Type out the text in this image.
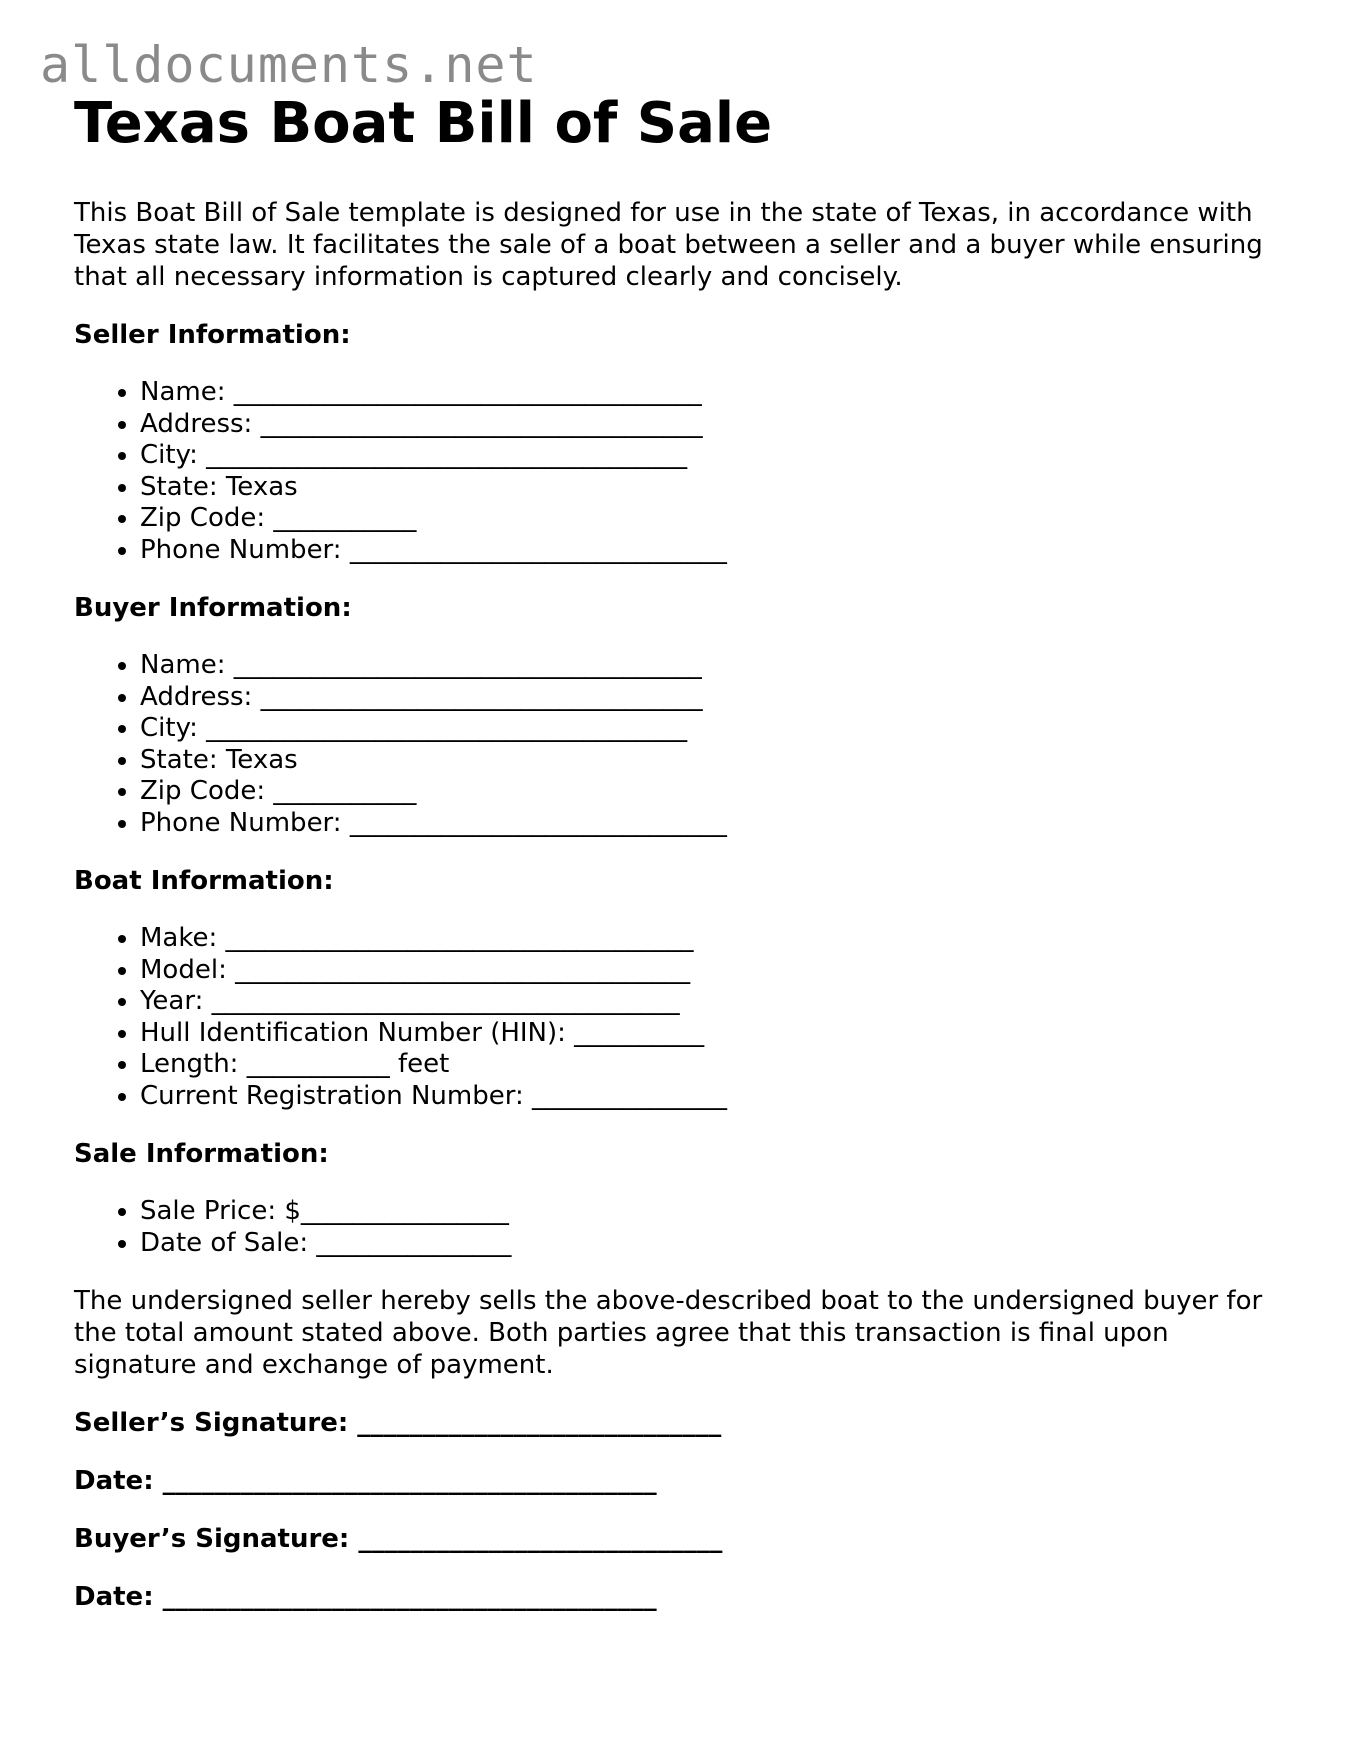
alldocuments.net
Texas Boat Bill of Sale

This Boat Bill of Sale template is designed for use in the state of Texas, in accordance with Texas state law. It facilitates the sale of a boat between a seller and a buyer while ensuring that all necessary information is captured clearly and concisely.

Seller Information:

• Name: ____________________________________
• Address: __________________________________
• City: _____________________________________
• State: Texas
• Zip Code: ___________
• Phone Number: _____________________________

Buyer Information:

• Name: ____________________________________
• Address: __________________________________
• City: _____________________________________
• State: Texas
• Zip Code: ___________
• Phone Number: _____________________________

Boat Information:

• Make: ____________________________________
• Model: ___________________________________
• Year: ____________________________________
• Hull Identification Number (HIN): __________
• Length: ___________ feet
• Current Registration Number: _______________

Sale Information:

• Sale Price: $________________
• Date of Sale: _______________

The undersigned seller hereby sells the above-described boat to the undersigned buyer for the total amount stated above. Both parties agree that this transaction is final upon signature and exchange of payment.

Seller’s Signature: ____________________________

Date: ______________________________________

Buyer’s Signature: ____________________________

Date: ______________________________________
